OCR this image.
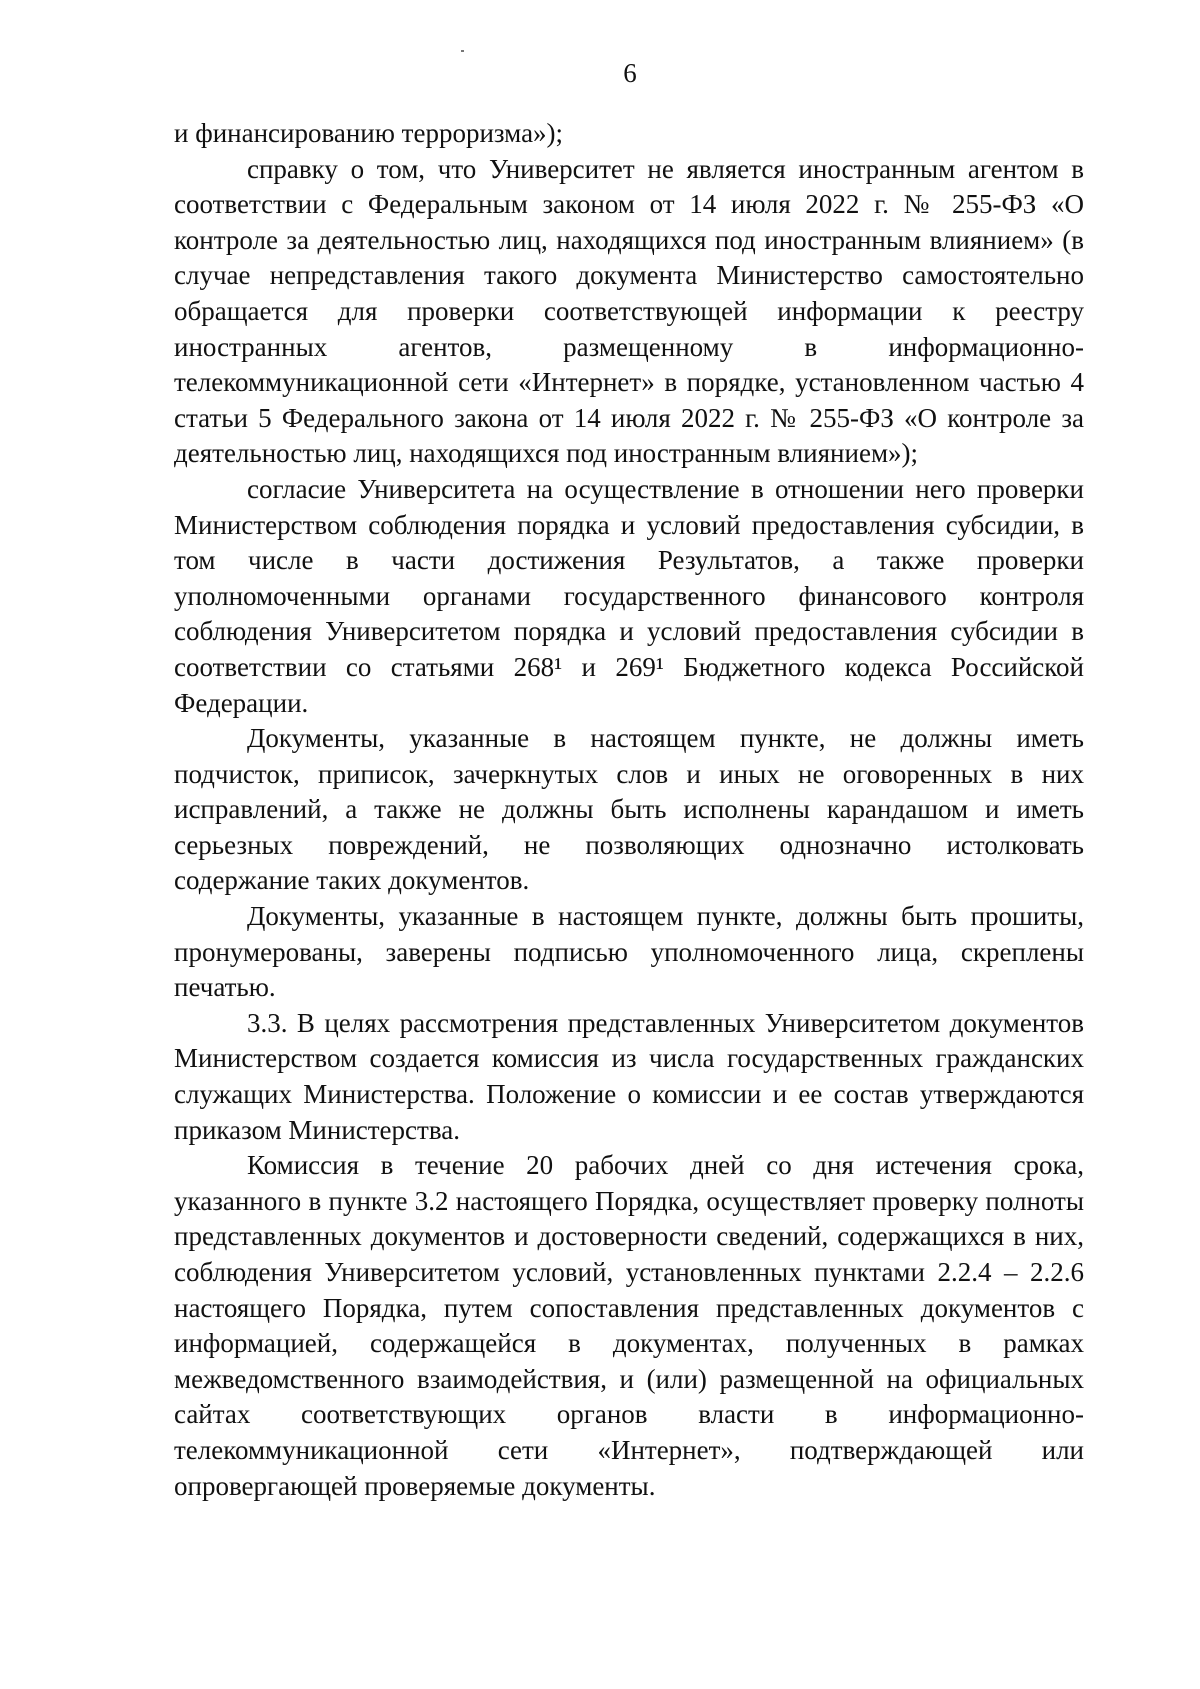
6

и финансированию терроризма»);

справку о том, что Университет не является иностранным агентом в соответствии с Федеральным законом от 14 июля 2022 г. № 255-ФЗ «О контроле за деятельностью лиц, находящихся под иностранным влиянием» (в случае непредставления такого документа Министерство самостоятельно обращается для проверки соответствующей информации к реестру иностранных агентов, размещенному в информационно-телекоммуникационной сети «Интернет» в порядке, установленном частью 4 статьи 5 Федерального закона от 14 июля 2022 г. № 255-ФЗ «О контроле за деятельностью лиц, находящихся под иностранным влиянием»);

согласие Университета на осуществление в отношении него проверки Министерством соблюдения порядка и условий предоставления субсидии, в том числе в части достижения Результатов, а также проверки уполномоченными органами государственного финансового контроля соблюдения Университетом порядка и условий предоставления субсидии в соответствии со статьями 268¹ и 269¹ Бюджетного кодекса Российской Федерации.

Документы, указанные в настоящем пункте, не должны иметь подчисток, приписок, зачеркнутых слов и иных не оговоренных в них исправлений, а также не должны быть исполнены карандашом и иметь серьезных повреждений, не позволяющих однозначно истолковать содержание таких документов.

Документы, указанные в настоящем пункте, должны быть прошиты, пронумерованы, заверены подписью уполномоченного лица, скреплены печатью.

3.3. В целях рассмотрения представленных Университетом документов Министерством создается комиссия из числа государственных гражданских служащих Министерства. Положение о комиссии и ее состав утверждаются приказом Министерства.

Комиссия в течение 20 рабочих дней со дня истечения срока, указанного в пункте 3.2 настоящего Порядка, осуществляет проверку полноты представленных документов и достоверности сведений, содержащихся в них, соблюдения Университетом условий, установленных пунктами 2.2.4 – 2.2.6 настоящего Порядка, путем сопоставления представленных документов с информацией, содержащейся в документах, полученных в рамках межведомственного взаимодействия, и (или) размещенной на официальных сайтах соответствующих органов власти в информационно-телекоммуникационной сети «Интернет», подтверждающей или опровергающей проверяемые документы.
